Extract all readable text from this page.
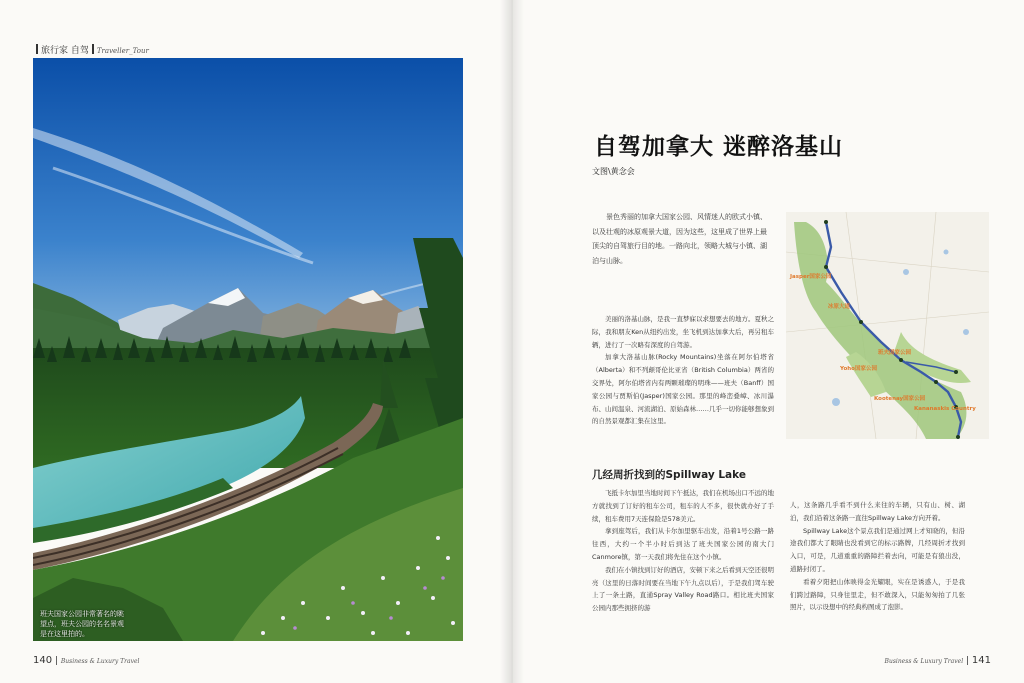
旅行家 自驾 Traveller_Tour
班夫国家公园非常著名的眺望点，班夫公园的名名景观是在这里拍的。
140 | Business & Luxury Travel	Business & Luxury Travel | 141
自驾加拿大 迷醉洛基山
文图\黄念会
景色秀丽的加拿大国家公园、风情迷人的欧式小镇、以及壮观的冰原观景大道，因为这些，这里成了世界上最顶尖的自驾旅行目的地。一路向北，领略大城与小镇、湖泊与山脉。
Jasper国家公园
冰原大道
Yoho国家公园
班夫国家公园
Kootenay国家公园
Kananaskis Country

美丽的洛基山脉，是我一直梦寐以求想要去的地方。夏秋之际，我和朋友Ken从纽约出发，坐飞机到达加拿大后，再另租车辆，进行了一次略有深度的自驾游。

加拿大洛基山脉(Rocky Mountains)坐落在阿尔伯塔省（Alberta）和不列颠哥伦比亚省（British Columbia）两省的交界处，阿尔伯塔省内有两颗璀璨的明珠——班夫（Banff）国家公园与贾斯伯(Jasper)国家公园。那里的峰峦叠嶂、冰川瀑布、山间温泉、河流湖泊、原始森林……几乎一切你能够想象到的自然景观都汇集在这里。

几经周折找到的Spillway Lake

飞抵卡尔加里当地时间下午抵达，我们在机场出口不远的地方就找到了订好的租车公司，租车的人不多，很快就办好了手续，租车费用7天连保险是578美元。

拿到座驾后，我们从卡尔加里驱车出发，沿着1号公路一路往西，大约一个半小时后到达了班夫国家公园的南大门Canmore镇，第一天我们将先住在这个小镇。

我们在小镇找到订好的酒店，安顿下来之后看到天空还很明亮（这里的日落时间要在当地下午九点以后），于是我们驾车驶上了一条土路，直通Spray Valley Road路口。相比班夫国家公园内那些拥挤的游

人，这条路几乎看不到什么来往的车辆，只有山、树、湖泊，我们沿着这条路一直往Spillway Lake方向开着。

Spillway Lake这个景点我们是通过网上才知晓的，但沿途我们都大了眼睛也没看到它的标示路牌，几经周折才找到入口，可是，几道重重的路障拦着去向，可能是有狼出没，道路封闭了。

看着夕阳把山体映得金光耀眼，实在是诱惑人，于是我们跨过路障，只身往里走，但不敢深入，只能匆匆拍了几张照片，以示设想中的经典构图成了泡影。
